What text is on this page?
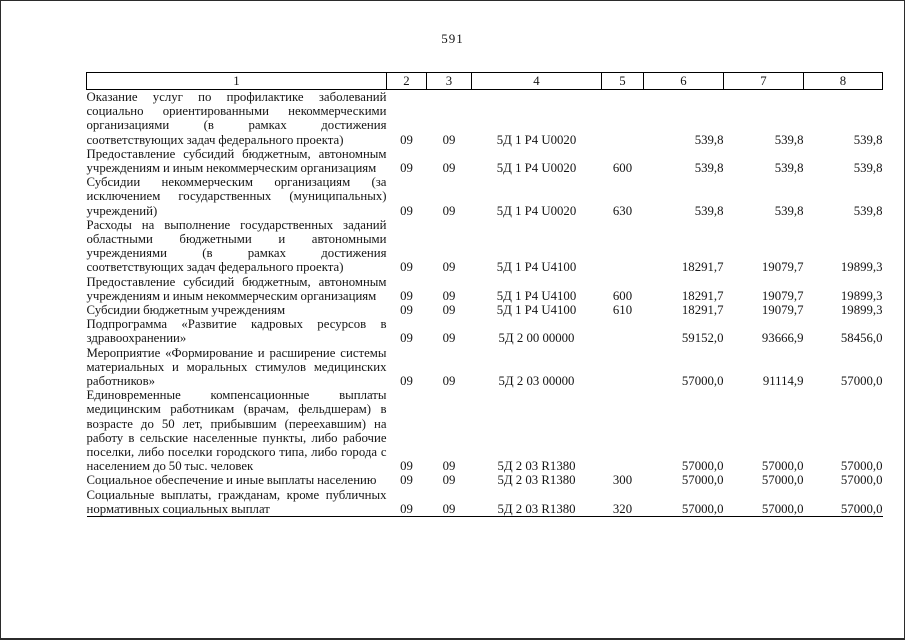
591
1	2	3	4	5	6	7	8
Оказание услуг по профилактике заболеваний социально ориентированными некоммерческими организациями (в рамках достижения соответствующих задач федерального проекта)	09	09	5Д 1 P4 U0020		539,8	539,8	539,8
Предоставление субсидий бюджетным, автономным учреждениям и иным некоммерческим организациям	09	09	5Д 1 P4 U0020	600	539,8	539,8	539,8
Субсидии некоммерческим организациям (за исключением государственных (муниципальных) учреждений)	09	09	5Д 1 P4 U0020	630	539,8	539,8	539,8
Расходы на выполнение государственных заданий областными бюджетными и автономными учреждениями (в рамках достижения соответствующих задач федерального проекта)	09	09	5Д 1 P4 U4100		18291,7	19079,7	19899,3
Предоставление субсидий бюджетным, автономным учреждениям и иным некоммерческим организациям	09	09	5Д 1 P4 U4100	600	18291,7	19079,7	19899,3
Субсидии бюджетным учреждениям	09	09	5Д 1 P4 U4100	610	18291,7	19079,7	19899,3
Подпрограмма «Развитие кадровых ресурсов в здравоохранении»	09	09	5Д 2 00 00000		59152,0	93666,9	58456,0
Мероприятие «Формирование и расширение системы материальных и моральных стимулов медицинских работников»	09	09	5Д 2 03 00000		57000,0	91114,9	57000,0
Единовременные компенсационные выплаты медицинским работникам (врачам, фельдшерам) в возрасте до 50 лет, прибывшим (переехавшим) на работу в сельские населенные пункты, либо рабочие поселки, либо поселки городского типа, либо города с населением до 50 тыс. человек	09	09	5Д 2 03 R1380		57000,0	57000,0	57000,0
Социальное обеспечение и иные выплаты населению	09	09	5Д 2 03 R1380	300	57000,0	57000,0	57000,0
Социальные выплаты, гражданам, кроме публичных нормативных социальных выплат	09	09	5Д 2 03 R1380	320	57000,0	57000,0	57000,0
